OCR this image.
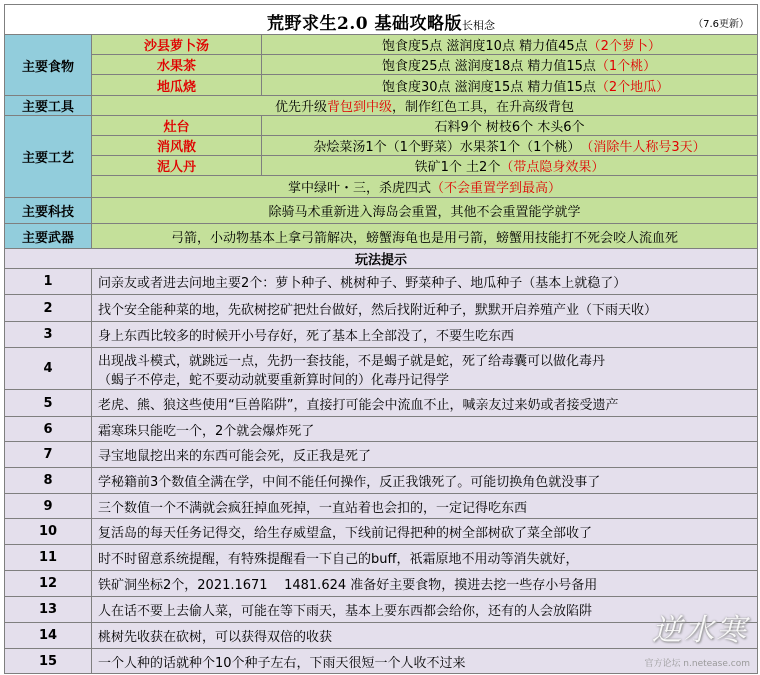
荒野求生2.0 基础攻略版长相念	（7.6更新）
主要食物
沙县萝卜汤	饱食度5点 滋润度10点 精力值45点 （2个萝卜）
水果茶	饱食度25点 滋润度18点 精力值15点 （1个桃）
地瓜烧	饱食度30点 滋润度15点 精力值15点 （2个地瓜）
主要工具	优先升级 背包到中级 ，制作红色工具，在升高级背包
主要工艺
灶台	石料9个 树枝6个 木头6个
消风散	杂烩菜汤1个（1个野菜）水果茶1个（1个桃） （消除牛人称号3天）
泥人丹	铁矿1个 土2个 （带点隐身效果）
掌中绿叶・三，杀虎四式 （不会重置学到最高）
主要科技	除骑马术重新进入海岛会重置，其他不会重置能学就学
主要武器	弓箭，小动物基本上拿弓箭解决，螃蟹海龟也是用弓箭，螃蟹用技能打不死会咬人流血死
玩法提示
1	问亲友或者进去问地主要2个：萝卜种子、桃树种子、野菜种子、地瓜种子（基本上就稳了）
2	找个安全能种菜的地，先砍树挖矿把灶台做好，然后找附近种子，默默开启养殖产业（下雨天收）
3	身上东西比较多的时候开小号存好，死了基本上全部没了，不要生吃东西
4	出现战斗模式，就跳远一点，先扔一套技能，不是蝎子就是蛇，死了给毒囊可以做化毒丹
（蝎子不停走，蛇不要动动就要重新算时间的）化毒丹记得学
5	老虎、熊、狼这些使用“巨兽陷阱”，直接打可能会中流血不止，喊亲友过来奶或者接受遗产
6	霜寒珠只能吃一个，2个就会爆炸死了
7	寻宝地鼠挖出来的东西可能会死，反正我是死了
8	学秘籍前3个数值全满在学，中间不能任何操作，反正我饿死了。可能切换角色就没事了
9	三个数值一个不满就会疯狂掉血死掉，一直站着也会扣的，一定记得吃东西
10	复活岛的每天任务记得交，给生存威望盒，下线前记得把种的树全部树砍了菜全部收了
11	时不时留意系统提醒，有特殊提醒看一下自己的buff，祇霜原地不用动等消失就好，
12	铁矿洞坐标2个，2021.1671    1481.624 准备好主要食物，摸进去挖一些存小号备用
13	人在话不要上去偷人菜，可能在等下雨天，基本上要东西都会给你，还有的人会放陷阱
14	桃树先收获在砍树，可以获得双倍的收获
15	一个人种的话就种个10个种子左右，下雨天很短一个人收不过来
逆水寒
官方论坛 n.netease.com
